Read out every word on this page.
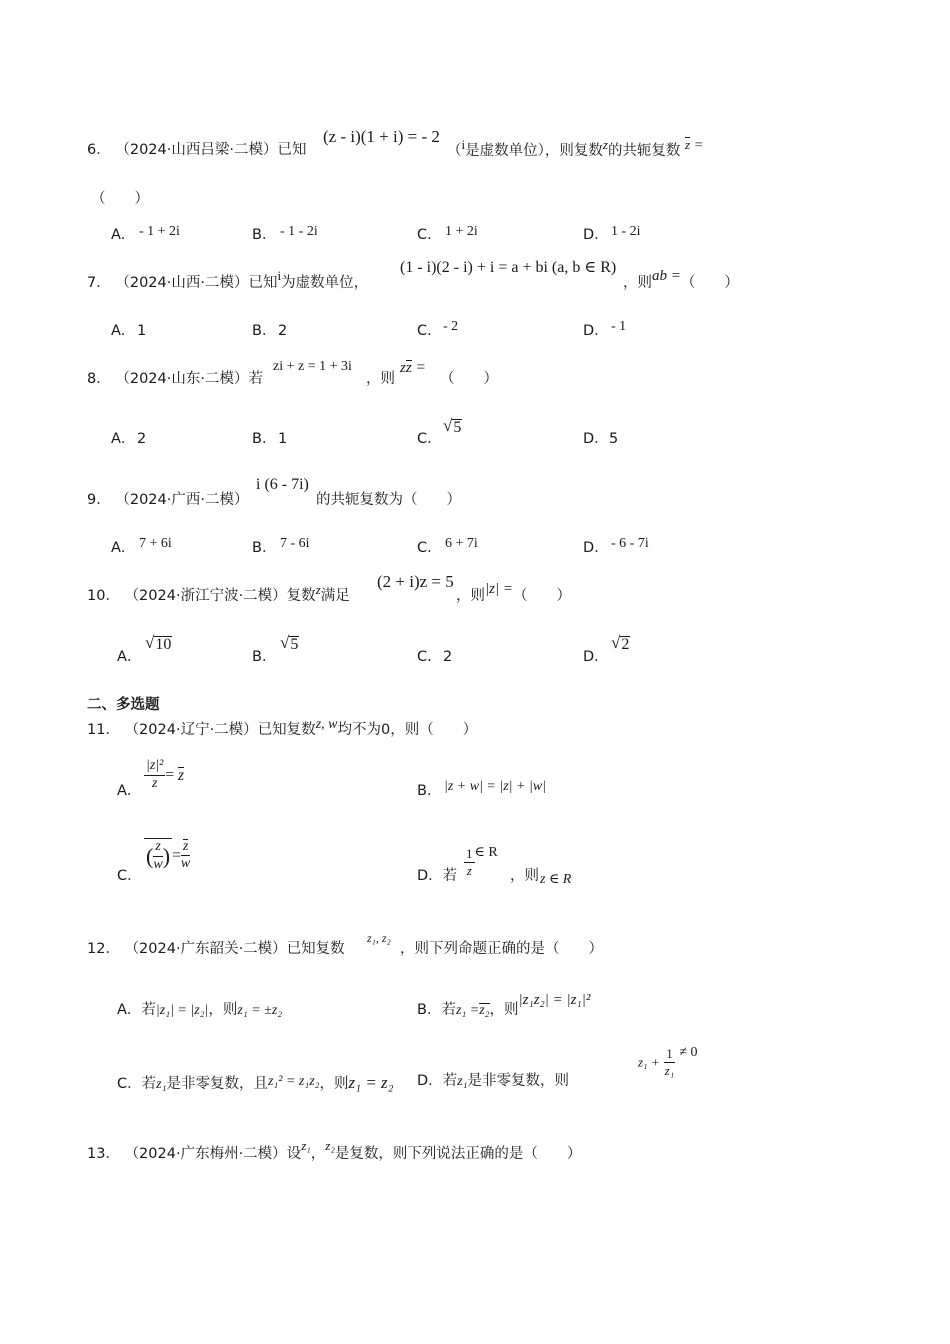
6． （2024·山西吕梁·二模）已知
(z - i)(1 + i) = - 2
（i是虚数单位），则复数z的共轭复数 z =
（　　）
A． - 1 + 2i	B． - 1 - 2i	C． 1 + 2i	D． 1 - 2i
7． （2024·山西·二模）已知i为虚数单位，
(1 - i)(2 - i) + i = a + bi (a, b ∈ R)
，则ab =（　　）
A． 1	B． 2	C． - 2	D． - 1
8． （2024·山东·二模）若
zi + z = 1 + 3i
，则
zz =
（　　）
A． 2	B． 1	C．
√ 5
D． 5
9． （2024·广西·二模）
i (6 - 7i)
的共轭复数为（　　）
A． 7 + 6i	B． 7 - 6i	C． 6 + 7i	D． - 6 - 7i
10． （2024·浙江宁波·二模）复数z满足
(2 + i)z = 5
，则|z| =（　　）
A．
√ 10
B．
√ 5
C． 2	D．
√ 2
二、多选题
11． （2024·辽宁·二模）已知复数z, w均不为0，则（　　）
A． $\frac{\text{|z|²}}{z} = z$
B． |z + w| = |z| + |w|
C．
( $\frac{z}{w}$ ) = $\frac{z}{w}$
D．若 $\frac{1}{z}$ ∈ R
，则 z ∈ R
12． （2024·广东韶关·二模）已知复数
z₁, z₂
，则下列命题正确的是（　　）
A．若|z₁| = |z₂|，则z₁ = ±z₂	B．若z₁ =z₂，则|z₁z₂| = |z₁|²
C．若z₁是非零复数，且z₁² = z₁z₂，则z₁ = z₂ D．若z₁是非零复数，则
$z_1 + \frac{1}{\text{z₁}} \ne 0$
13． （2024·广东梅州·二模）设z₁，z₂是复数，则下列说法正确的是（　　）
